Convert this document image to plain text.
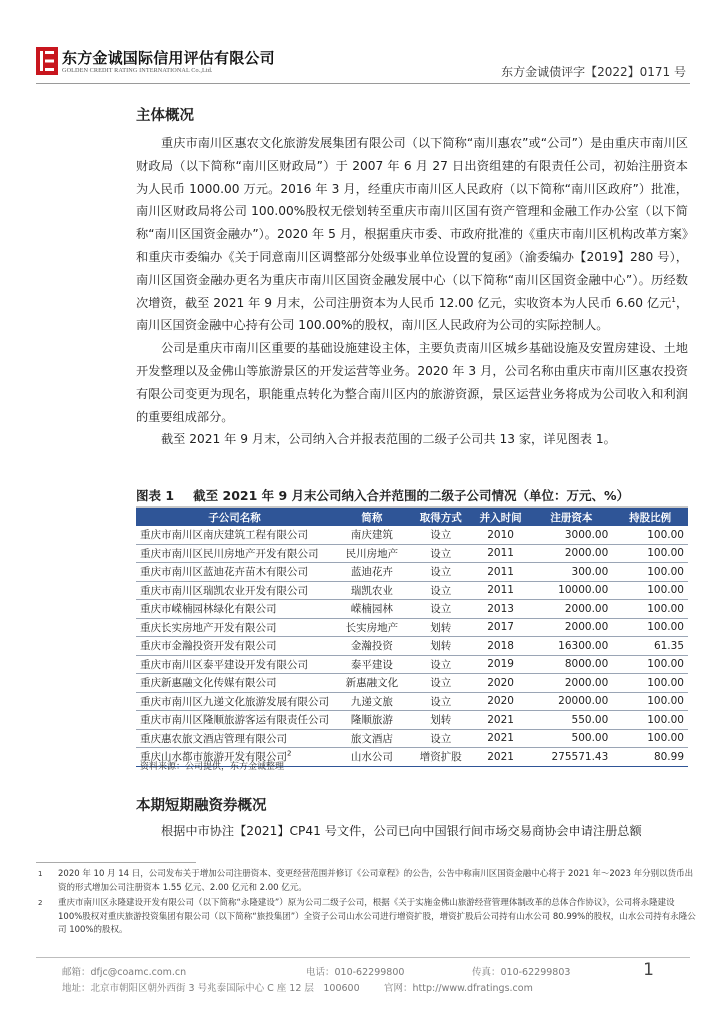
东方金诚国际信用评估有限公司
GOLDEN CREDIT RATING INTERNATIONAL Co.,Ltd.	东方金诚债评字【2022】0171 号
主体概况

重庆市南川区惠农文化旅游发展集团有限公司（以下简称“南川惠农”或“公司”）是由重庆市南川区财政局（以下简称“南川区财政局”）于 2007 年 6 月 27 日出资组建的有限责任公司，初始注册资本为人民币 1000.00 万元。2016 年 3 月，经重庆市南川区人民政府（以下简称“南川区政府”）批准，南川区财政局将公司 100.00%股权无偿划转至重庆市南川区国有资产管理和金融工作办公室（以下简称“南川区国资金融办”）。2020 年 5 月，根据重庆市委、市政府批准的《重庆市南川区机构改革方案》和重庆市委编办《关于同意南川区调整部分处级事业单位设置的复函》（渝委编办【2019】280 号），南川区国资金融办更名为重庆市南川区国资金融发展中心（以下简称“南川区国资金融中心”）。历经数次增资，截至 2021 年 9 月末，公司注册资本为人民币 12.00 亿元，实收资本为人民币 6.60 亿元$^1$，南川区国资金融中心持有公司 100.00%的股权，南川区人民政府为公司的实际控制人。

公司是重庆市南川区重要的基础设施建设主体，主要负责南川区城乡基础设施及安置房建设、土地开发整理以及金佛山等旅游景区的开发运营等业务。2020 年 3 月，公司名称由重庆市南川区惠农投资有限公司变更为现名，职能重点转化为整合南川区内的旅游资源，景区运营业务将成为公司收入和利润的重要组成部分。

截至 2021 年 9 月末，公司纳入合并报表范围的二级子公司共 13 家，详见图表 1。

图表 1 截至 2021 年 9 月末公司纳入合并范围的二级子公司情况（单位：万元、%）
子公司名称	简称	取得方式	并入时间	注册资本	持股比例
重庆市南川区南庆建筑工程有限公司	南庆建筑	设立	2010	3000.00	100.00
重庆市南川区民川房地产开发有限公司	民川房地产	设立	2011	2000.00	100.00
重庆市南川区蓝迪花卉苗木有限公司	蓝迪花卉	设立	2011	300.00	100.00
重庆市南川区瑞凯农业开发有限公司	瑞凯农业	设立	2011	10000.00	100.00
重庆市嵘楠园林绿化有限公司	嵘楠园林	设立	2013	2000.00	100.00
重庆长实房地产开发有限公司	长实房地产	划转	2017	2000.00	100.00
重庆市金瀚投资开发有限公司	金瀚投资	划转	2018	16300.00	61.35
重庆市南川区泰平建设开发有限公司	泰平建设	设立	2019	8000.00	100.00
重庆新惠融文化传媒有限公司	新惠融文化	设立	2020	2000.00	100.00
重庆市南川区九递文化旅游发展有限公司	九递文旅	设立	2020	20000.00	100.00
重庆市南川区隆顺旅游客运有限责任公司	隆顺旅游	划转	2021	550.00	100.00
重庆惠农旅文酒店管理有限公司	旅文酒店	设立	2021	500.00	100.00
重庆山水都市旅游开发有限公司$^2$	山水公司	增资扩股	2021	275571.43	80.99
资料来源：公司提供，东方金诚整理
本期短期融资券概况

根据中市协注【2021】CP41 号文件，公司已向中国银行间市场交易商协会申请注册总额

1 2020 年 10 月 14 日，公司发布关于增加公司注册资本、变更经营范围并修订《公司章程》的公告，公告中称南川区国资金融中心将于 2021 年～2023 年分别以货币出资的形式增加公司注册资本 1.55 亿元、2.00 亿元和 2.00 亿元。
2 重庆市南川区永隆建设开发有限公司（以下简称“永隆建设”）原为公司二级子公司，根据《关于实施金佛山旅游经营管理体制改革的总体合作协议》，公司将永隆建设 100%股权对重庆旅游投资集团有限公司（以下简称“旅投集团”）全资子公司山水公司进行增资扩股，增资扩股后公司持有山水公司 80.99%的股权，山水公司持有永隆公司 100%的股权。
邮箱：dfjc@coamc.com.cn	电话：010-62299800	传真：010-62299803
地址：北京市朝阳区朝外西街 3 号兆泰国际中心 C 座 12 层　100600	官网：http://www.dfratings.com
1
